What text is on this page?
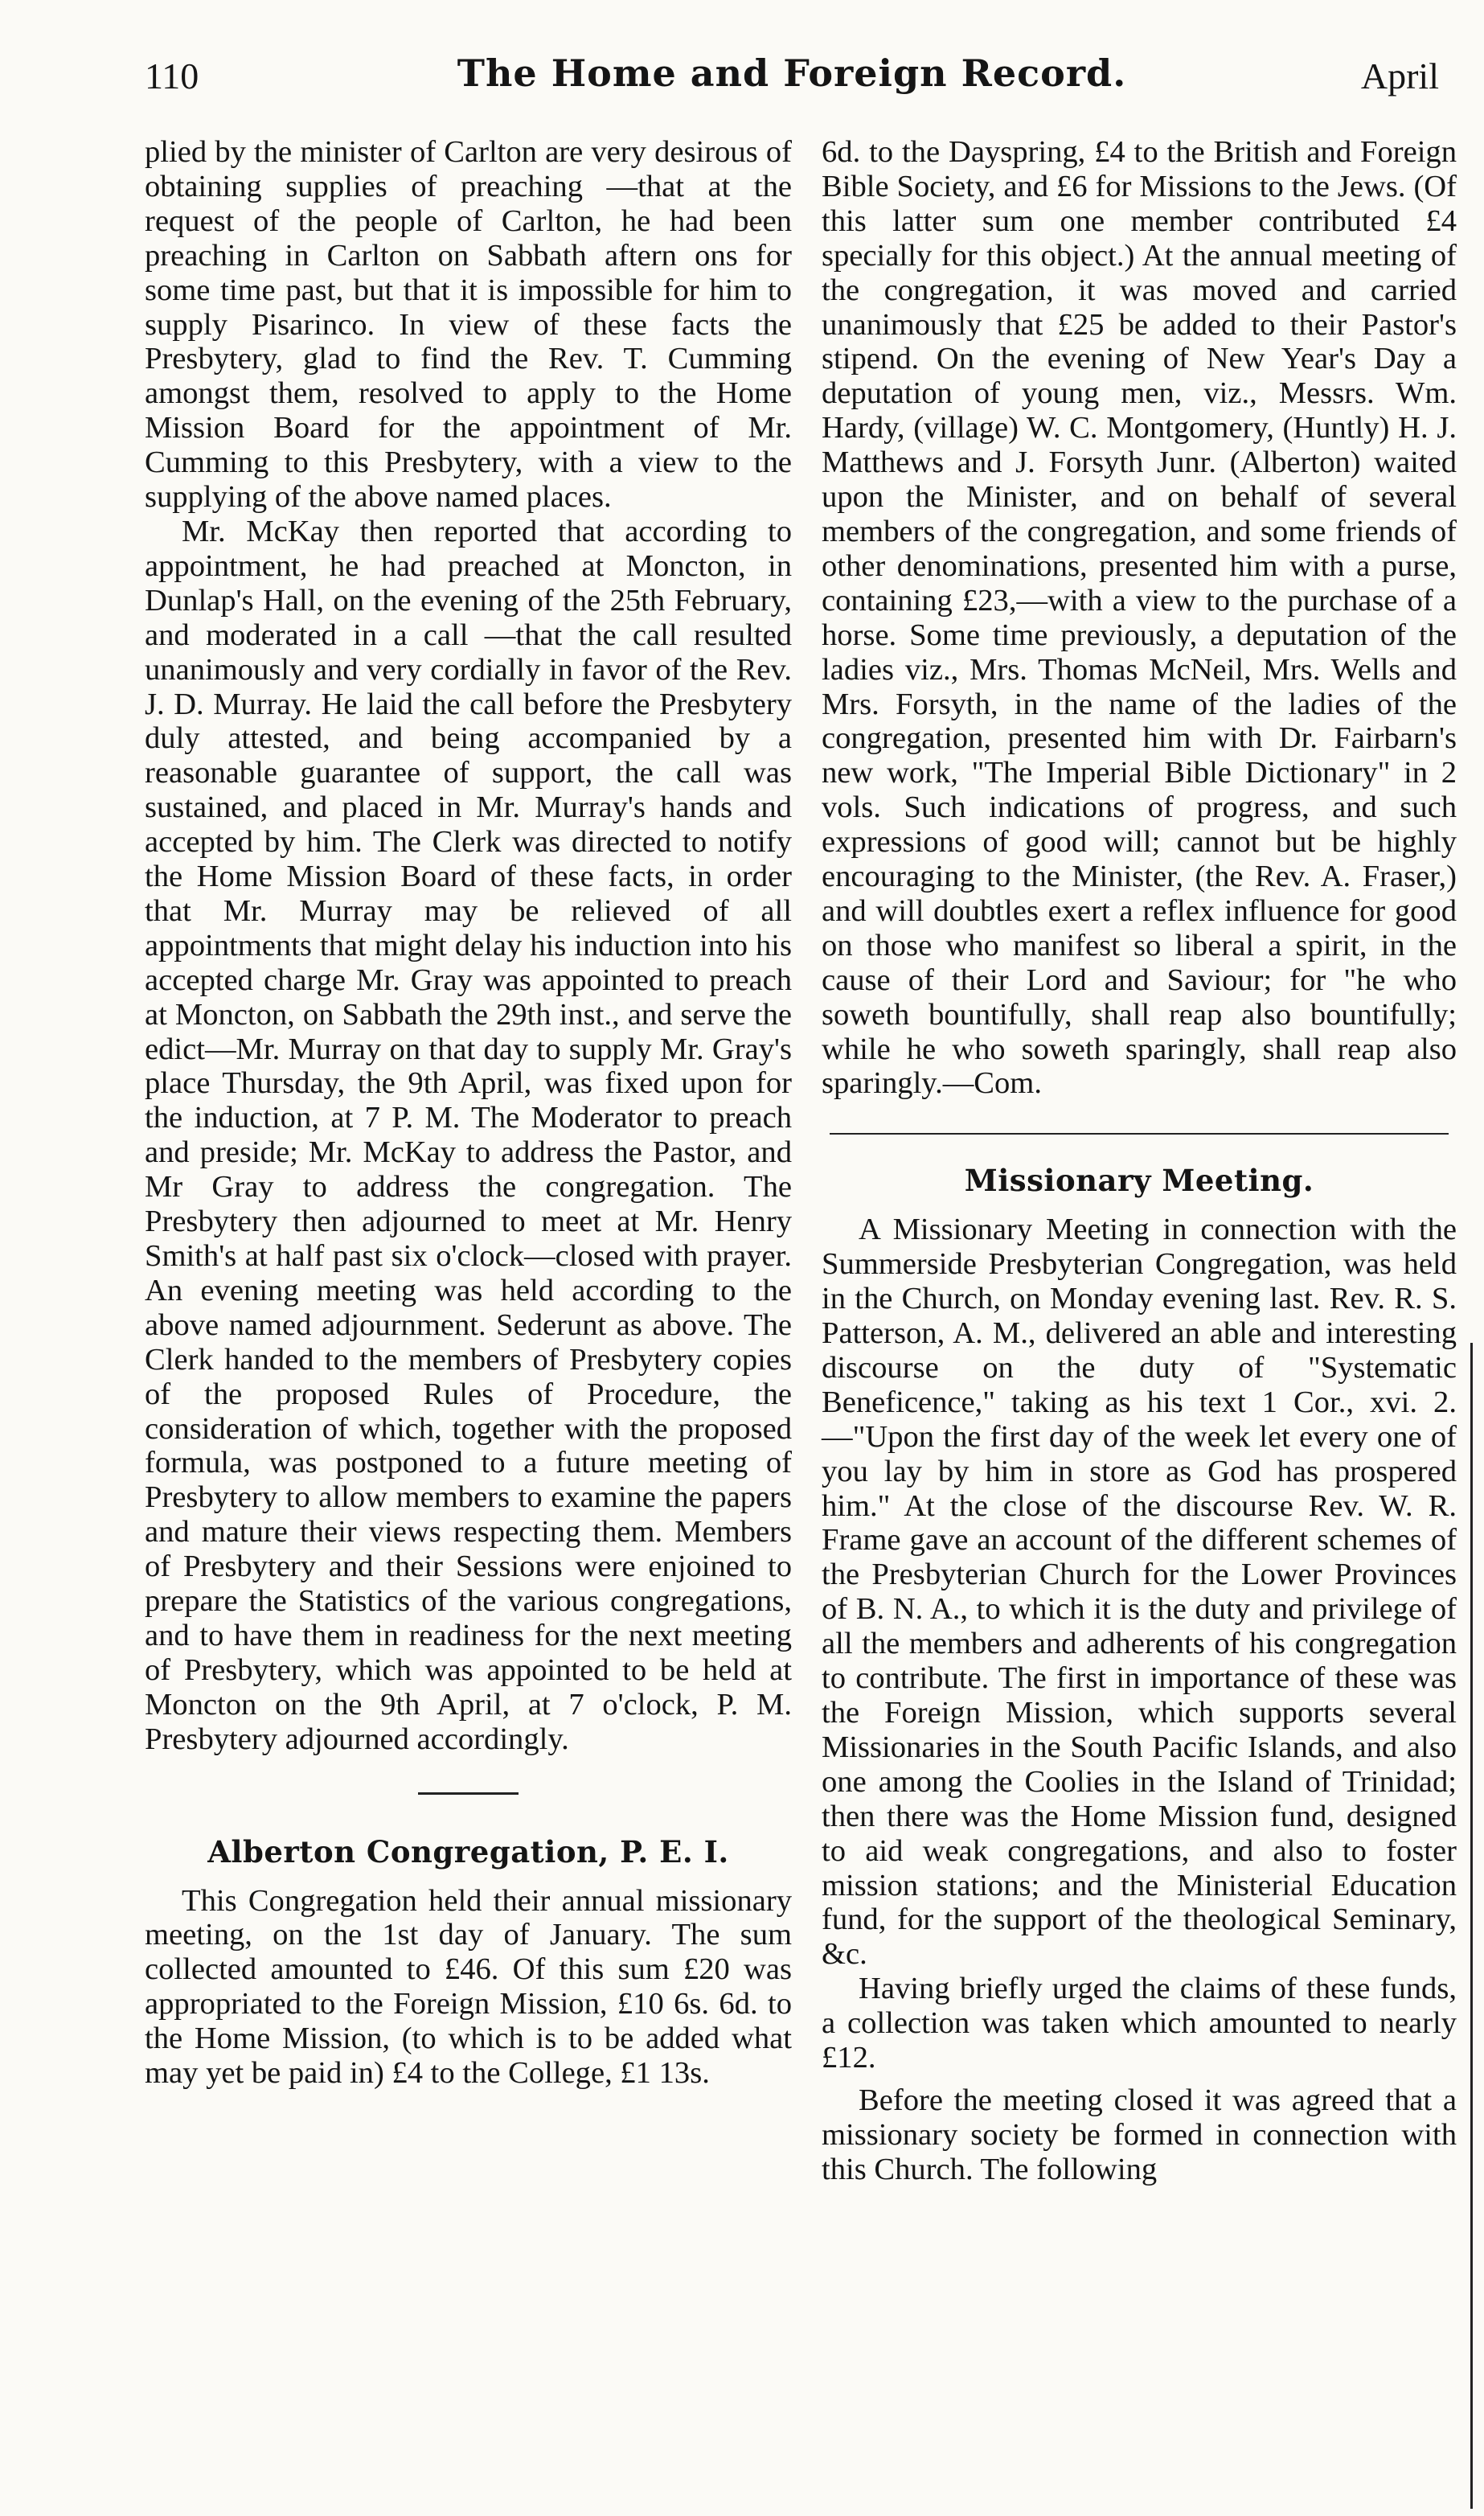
110	The Home and Foreign Record.	April

plied by the minister of Carlton are very desirous of obtaining supplies of preaching —that at the request of the people of Carlton, he had been preaching in Carlton on Sabbath aftern ons for some time past, but that it is impossible for him to supply Pisarinco. In view of these facts the Presbytery, glad to find the Rev. T. Cumming amongst them, resolved to apply to the Home Mission Board for the appointment of Mr. Cumming to this Presbytery, with a view to the supplying of the above named places.

Mr. McKay then reported that according to appointment, he had preached at Moncton, in Dunlap's Hall, on the evening of the 25th February, and moderated in a call —that the call resulted unanimously and very cordially in favor of the Rev. J. D. Murray. He laid the call before the Presbytery duly attested, and being accompanied by a reasonable guarantee of support, the call was sustained, and placed in Mr. Murray's hands and accepted by him. The Clerk was directed to notify the Home Mission Board of these facts, in order that Mr. Murray may be relieved of all appointments that might delay his induction into his accepted charge Mr. Gray was appointed to preach at Moncton, on Sabbath the 29th inst., and serve the edict—Mr. Murray on that day to supply Mr. Gray's place Thursday, the 9th April, was fixed upon for the induction, at 7 P. M. The Moderator to preach and preside; Mr. McKay to address the Pastor, and Mr Gray to address the congregation. The Presbytery then adjourned to meet at Mr. Henry Smith's at half past six o'clock—closed with prayer. An evening meeting was held according to the above named adjournment. Sederunt as above. The Clerk handed to the members of Presbytery copies of the proposed Rules of Procedure, the consideration of which, together with the proposed formula, was postponed to a future meeting of Presbytery to allow members to examine the papers and mature their views respecting them. Members of Presbytery and their Sessions were enjoined to prepare the Statistics of the various congregations, and to have them in readiness for the next meeting of Presbytery, which was appointed to be held at Moncton on the 9th April, at 7 o'clock, P. M. Presbytery adjourned accordingly.

Alberton Congregation, P. E. I.

This Congregation held their annual missionary meeting, on the 1st day of January. The sum collected amounted to £46. Of this sum £20 was appropriated to the Foreign Mission, £10 6s. 6d. to the Home Mission, (to which is to be added what may yet be paid in) £4 to the College, £1 13s.

6d. to the Dayspring, £4 to the British and Foreign Bible Society, and £6 for Missions to the Jews. (Of this latter sum one member contributed £4 specially for this object.) At the annual meeting of the congregation, it was moved and carried unanimously that £25 be added to their Pastor's stipend. On the evening of New Year's Day a deputation of young men, viz., Messrs. Wm. Hardy, (village) W. C. Montgomery, (Huntly) H. J. Matthews and J. Forsyth Junr. (Alberton) waited upon the Minister, and on behalf of several members of the congregation, and some friends of other denominations, presented him with a purse, containing £23,—with a view to the purchase of a horse. Some time previously, a deputation of the ladies viz., Mrs. Thomas McNeil, Mrs. Wells and Mrs. Forsyth, in the name of the ladies of the congregation, presented him with Dr. Fairbarn's new work, "The Imperial Bible Dictionary" in 2 vols. Such indications of progress, and such expressions of good will; cannot but be highly encouraging to the Minister, (the Rev. A. Fraser,) and will doubtles exert a reflex influence for good on those who manifest so liberal a spirit, in the cause of their Lord and Saviour; for "he who soweth bountifully, shall reap also bountifully; while he who soweth sparingly, shall reap also sparingly.—Com.

Missionary Meeting.

A Missionary Meeting in connection with the Summerside Presbyterian Congregation, was held in the Church, on Monday evening last. Rev. R. S. Patterson, A. M., delivered an able and interesting discourse on the duty of "Systematic Beneficence," taking as his text 1 Cor., xvi. 2.—"Upon the first day of the week let every one of you lay by him in store as God has prospered him." At the close of the discourse Rev. W. R. Frame gave an account of the different schemes of the Presbyterian Church for the Lower Provinces of B. N. A., to which it is the duty and privilege of all the members and adherents of his congregation to contribute. The first in importance of these was the Foreign Mission, which supports several Missionaries in the South Pacific Islands, and also one among the Coolies in the Island of Trinidad; then there was the Home Mission fund, designed to aid weak congregations, and also to foster mission stations; and the Ministerial Education fund, for the support of the theological Seminary, &c.

Having briefly urged the claims of these funds, a collection was taken which amounted to nearly £12.

Before the meeting closed it was agreed that a missionary society be formed in connection with this Church. The following
